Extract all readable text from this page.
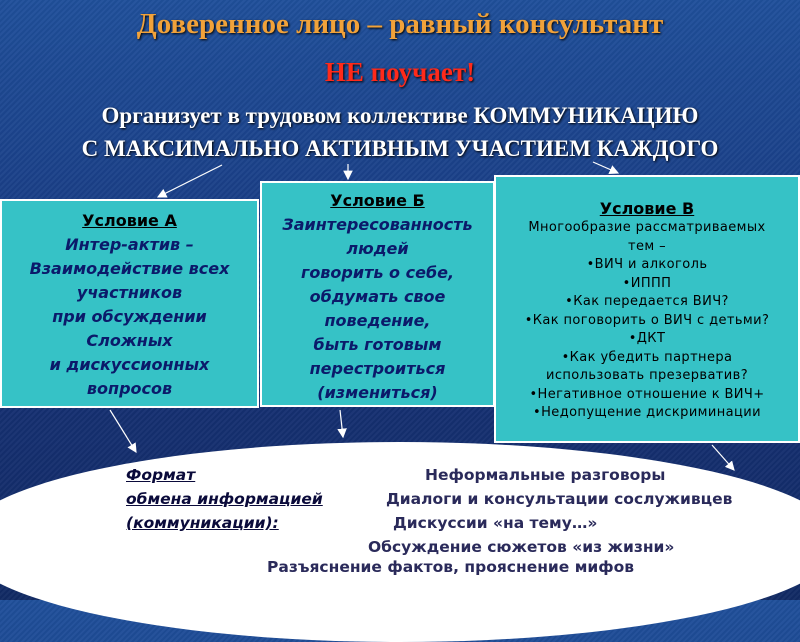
Доверенное лицо – равный консультант
НЕ поучает!
Организует в трудовом коллективе КОММУНИКАЦИЮ
С МАКСИМАЛЬНО АКТИВНЫМ УЧАСТИЕМ КАЖДОГО
Условие А
Интер-актив –
Взаимодействие всех
участников
при обсуждении
Сложных
и дискуссионных
вопросов
Условие Б
Заинтересованность
людей
говорить о себе,
обдумать свое
поведение,
быть готовым
перестроиться
(измениться)
Условие В
Многообразие рассматриваемых
тем –
•ВИЧ и алкоголь
•ИППП
•Как передается ВИЧ?
•Как поговорить о ВИЧ с детьми?
•ДКТ
•Как убедить партнера
использовать презерватив?
•Негативное отношение к ВИЧ+
•Недопущение дискриминации
Формат
обмена информацией
(коммуникации):
Неформальные разговоры
Диалоги и консультации сослуживцев
Дискуссии «на тему…»
Обсуждение сюжетов «из жизни»
Разъяснение фактов, прояснение мифов
